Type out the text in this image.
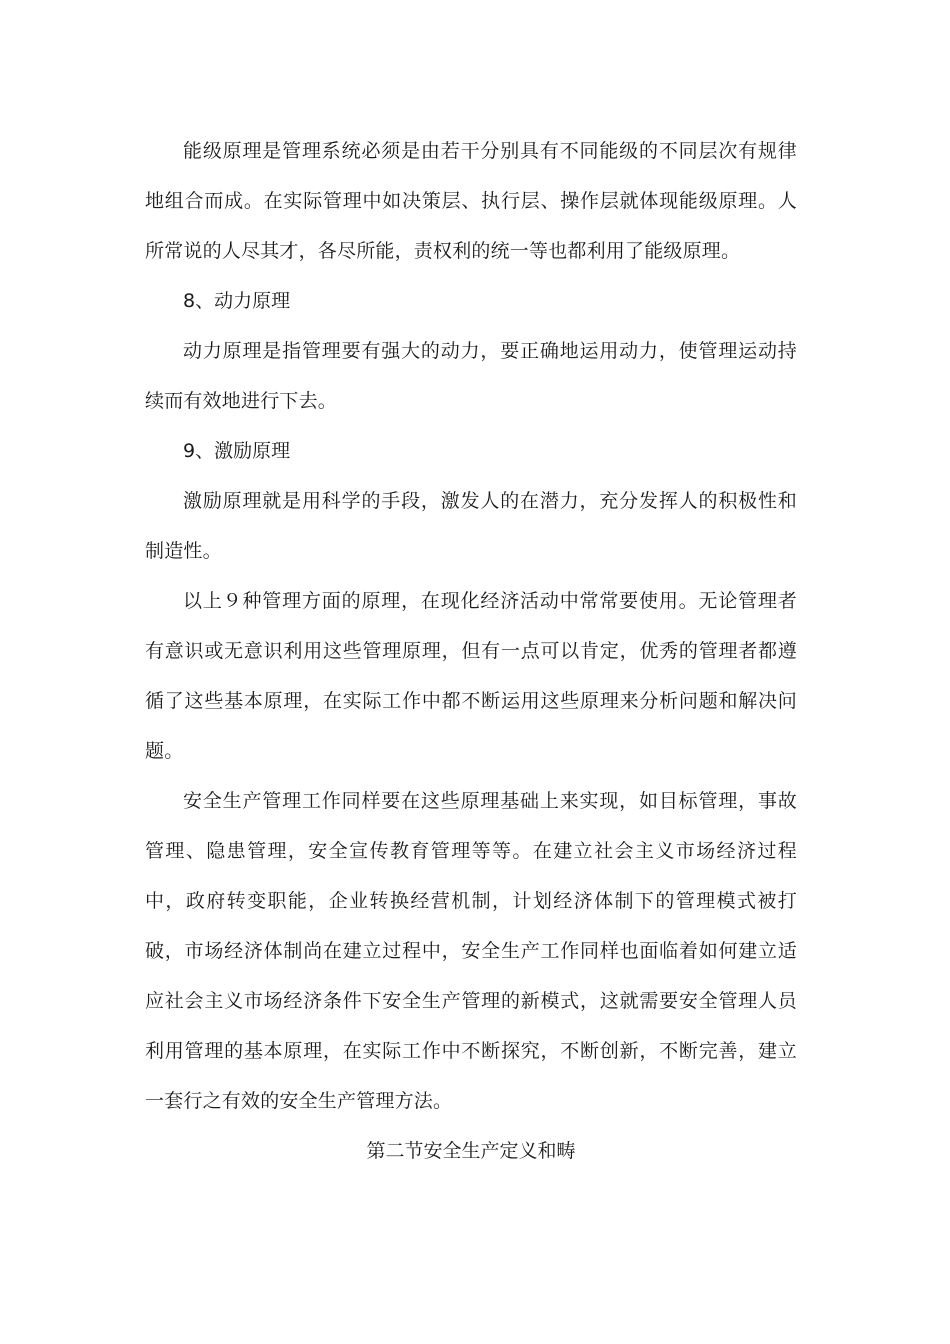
能级原理是管理系统必须是由若干分别具有不同能级的不同层次有规律地组合而成。在实际管理中如决策层、执行层、操作层就体现能级原理。人所常说的人尽其才，各尽所能，责权利的统一等也都利用了能级原理。

8、动力原理

动力原理是指管理要有强大的动力，要正确地运用动力，使管理运动持续而有效地进行下去。

9、激励原理

激励原理就是用科学的手段，激发人的在潜力，充分发挥人的积极性和制造性。

以上９种管理方面的原理，在现化经济活动中常常要使用。无论管理者有意识或无意识利用这些管理原理，但有一点可以肯定，优秀的管理者都遵循了这些基本原理，在实际工作中都不断运用这些原理来分析问题和解决问题。

安全生产管理工作同样要在这些原理基础上来实现，如目标管理，事故管理、隐患管理，安全宣传教育管理等等。在建立社会主义市场经济过程中，政府转变职能，企业转换经营机制，计划经济体制下的管理模式被打破，市场经济体制尚在建立过程中，安全生产工作同样也面临着如何建立适应社会主义市场经济条件下安全生产管理的新模式，这就需要安全管理人员利用管理的基本原理，在实际工作中不断探究，不断创新，不断完善，建立一套行之有效的安全生产管理方法。

第二节安全生产定义和畴
